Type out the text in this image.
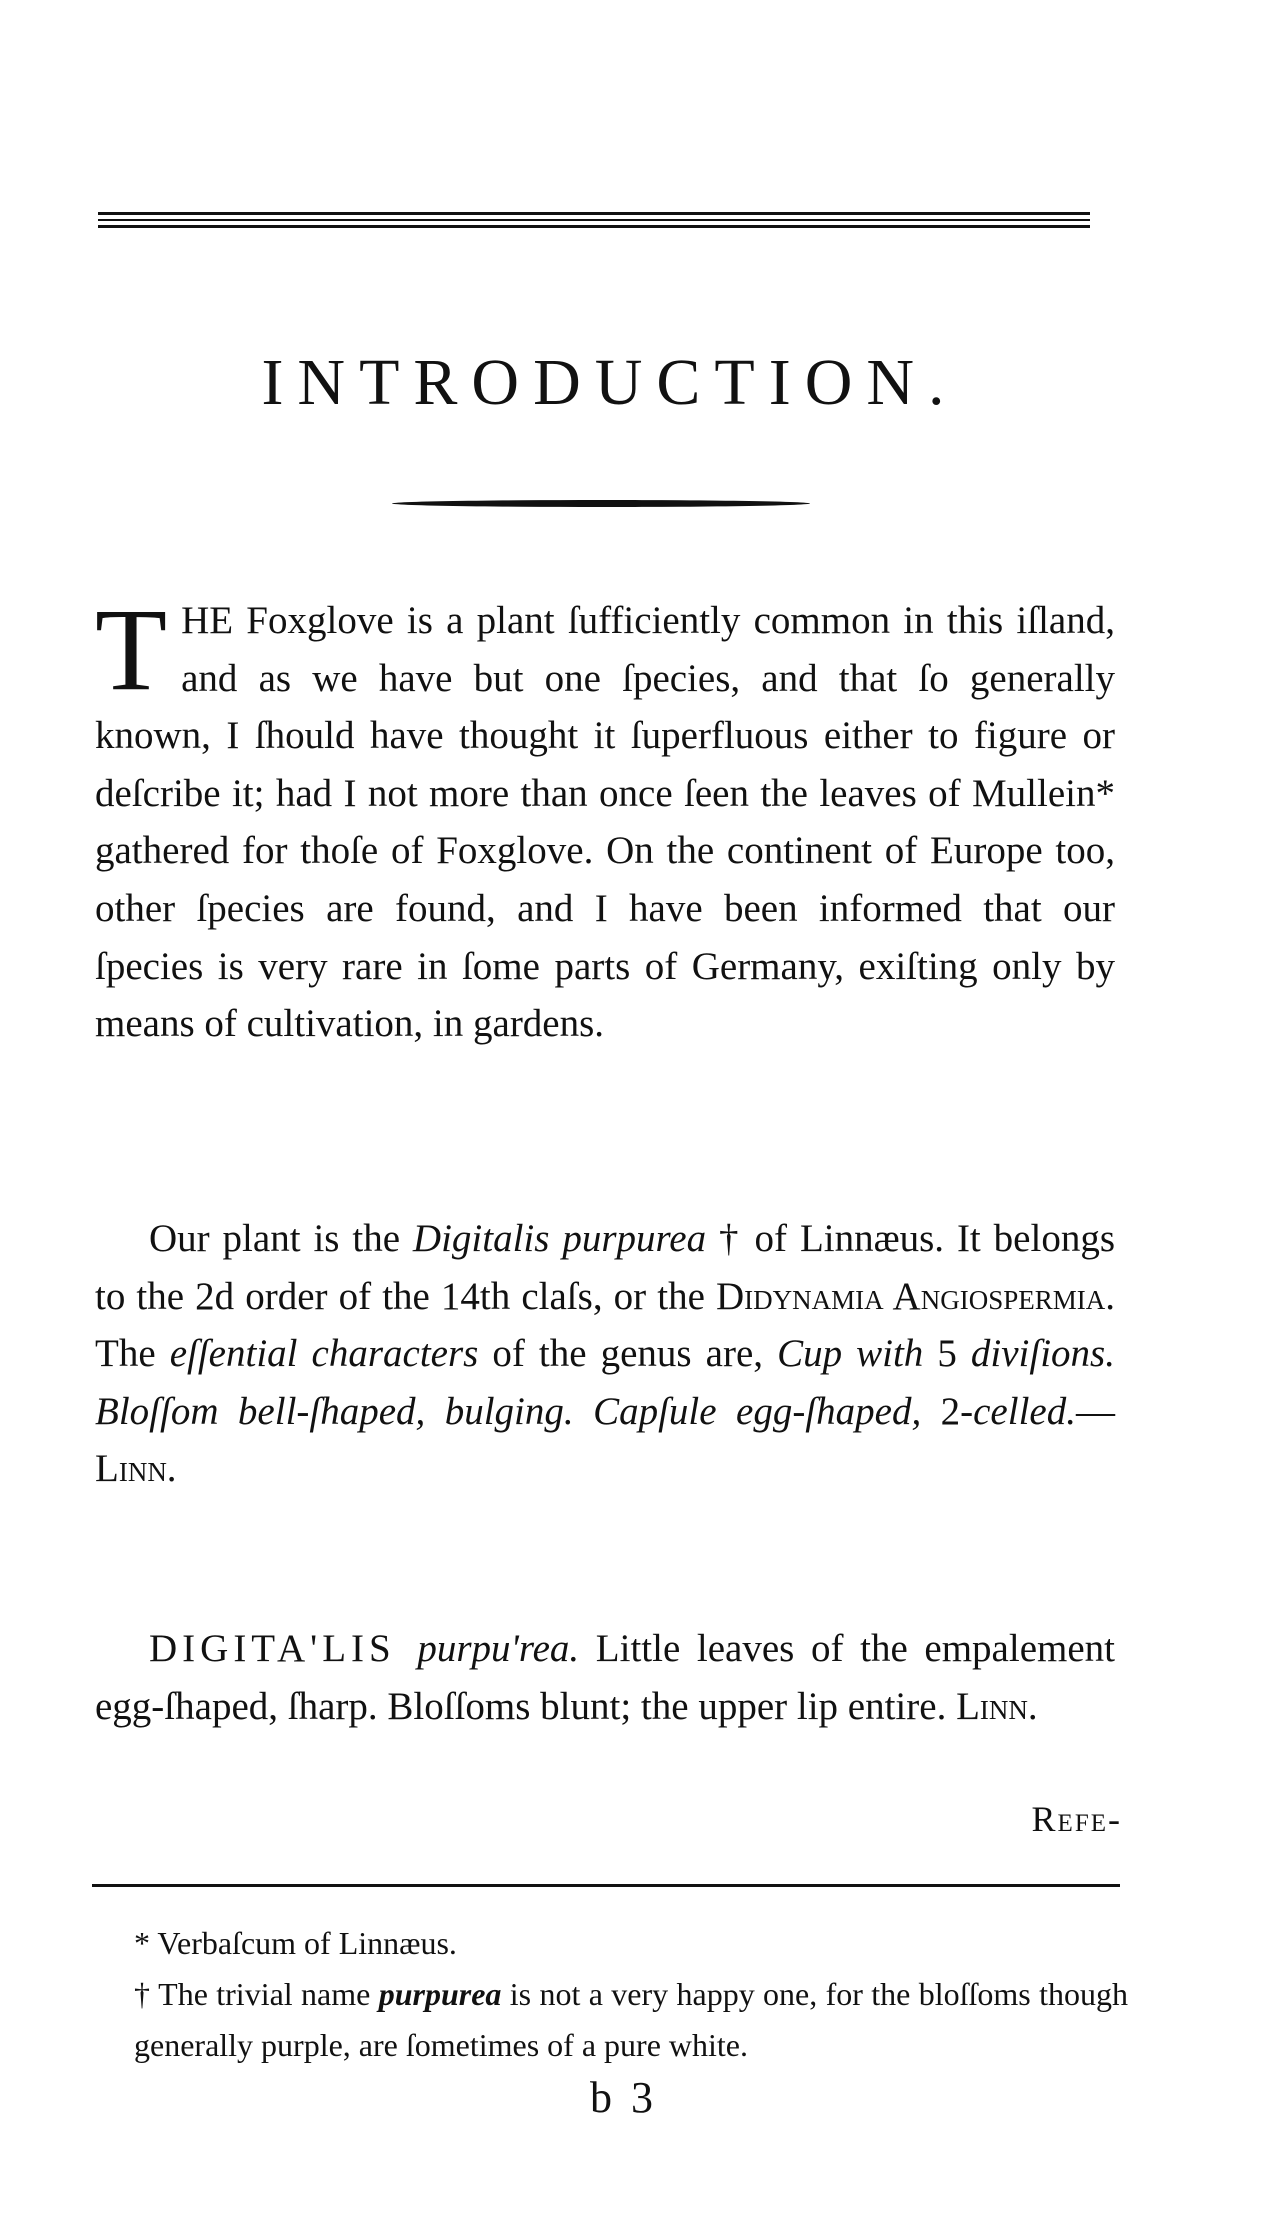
INTRODUCTION.
THE Foxglove is a plant ſufficiently common in this iſland, and as we have but one ſpecies, and that ſo generally known, I ſhould have thought it ſuperfluous either to figure or deſcribe it; had I not more than once ſeen the leaves of Mullein* gathered for thoſe of Foxglove. On the continent of Europe too, other ſpecies are found, and I have been informed that our ſpecies is very rare in ſome parts of Germany, exiſting only by means of cultivation, in gardens.
Our plant is the Digitalis purpurea † of Linnæus. It belongs to the 2d order of the 14th claſs, or the Didynamia Angiospermia. The eſſential characters of the genus are, Cup with 5 diviſions. Bloſſom bell-ſhaped, bulging. Capſule egg-ſhaped, 2-celled.—Linn.
DIGITA'LIS purpu'rea. Little leaves of the empalement egg-ſhaped, ſharp. Bloſſoms blunt; the upper lip entire. Linn.
Refe-
* Verbaſcum of Linnæus.
† The trivial name purpurea is not a very happy one, for the bloſſoms though generally purple, are ſometimes of a pure white.
b 3
